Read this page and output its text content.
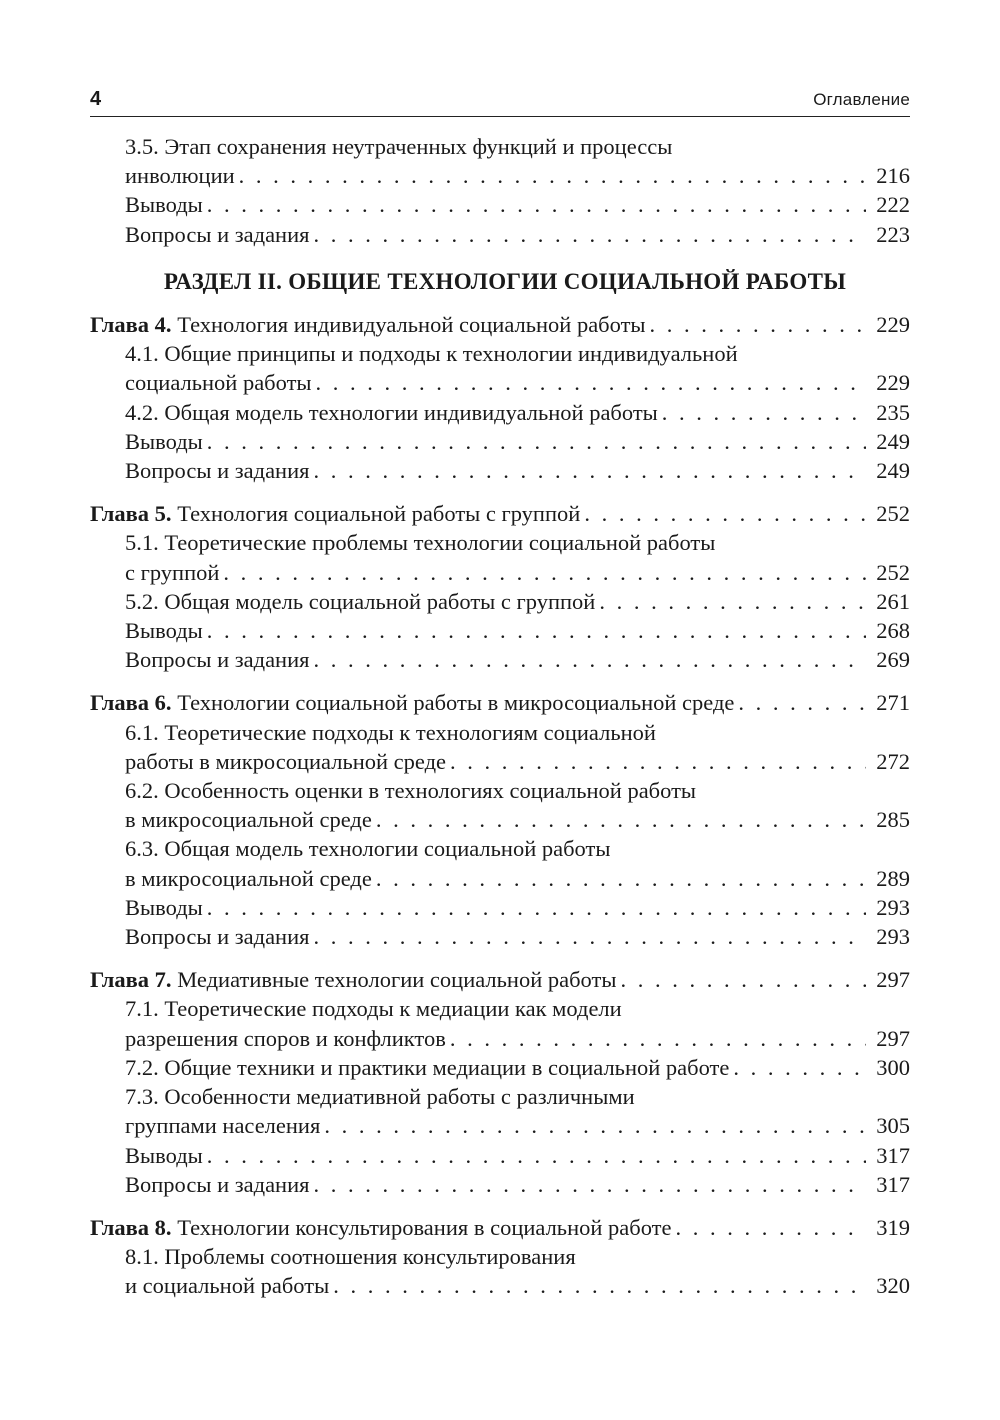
4	Оглавление
3.5. Этап сохранения неутраченных функций и процессы
инволюции . . .	216
Выводы . . .	222
Вопросы и задания . . .	223
РАЗДЕЛ II. ОБЩИЕ ТЕХНОЛОГИИ СОЦИАЛЬНОЙ РАБОТЫ
Глава 4. Технология индивидуальной социальной работы . . .	229
4.1. Общие принципы и подходы к технологии индивидуальной
социальной работы . . .	229
4.2. Общая модель технологии индивидуальной работы . . .	235
Выводы . . .	249
Вопросы и задания . . .	249
Глава 5. Технология социальной работы с группой . . .	252
5.1. Теоретические проблемы технологии социальной работы
с группой . . .	252
5.2. Общая модель социальной работы с группой . . .	261
Выводы . . .	268
Вопросы и задания . . .	269
Глава 6. Технологии социальной работы в микросоциальной среде . . .	271
6.1. Теоретические подходы к технологиям социальной
работы в микросоциальной среде . . .	272
6.2. Особенность оценки в технологиях социальной работы
в микросоциальной среде . . .	285
6.3. Общая модель технологии социальной работы
в микросоциальной среде . . .	289
Выводы . . .	293
Вопросы и задания . . .	293
Глава 7. Медиативные технологии социальной работы . . .	297
7.1. Теоретические подходы к медиации как модели
разрешения споров и конфликтов . . .	297
7.2. Общие техники и практики медиации в социальной работе . . .	300
7.3. Особенности медиативной работы с различными
группами населения . . .	305
Выводы . . .	317
Вопросы и задания . . .	317
Глава 8. Технологии консультирования в социальной работе . . .	319
8.1. Проблемы соотношения консультирования
и социальной работы . . .	320
